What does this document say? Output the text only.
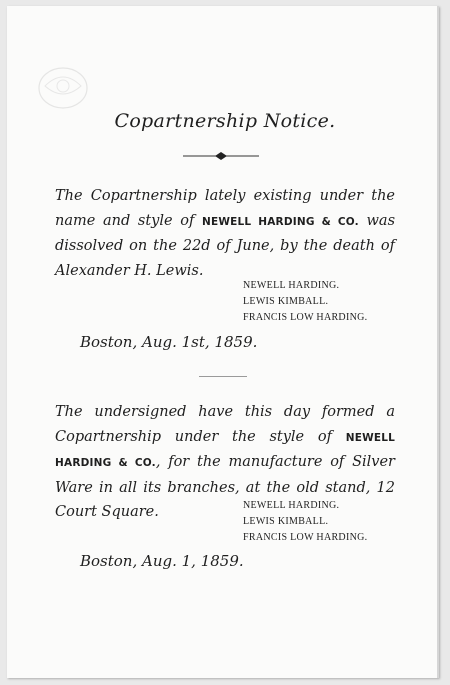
Copartnership Notice.
The Copartnership lately existing under the name and style of NEWELL HARDING & CO. was dissolved on the 22d of June, by the death of Alexander H. Lewis.
NEWELL HARDING.
LEWIS KIMBALL.
FRANCIS LOW HARDING.
Boston, Aug. 1st, 1859.
The undersigned have this day formed a Copartnership under the style of NEWELL HARDING & CO., for the manufacture of Silver Ware in all its branches, at the old stand, 12 Court Square.	NEWELL HARDING.
LEWIS KIMBALL.
FRANCIS LOW HARDING.
Boston, Aug. 1, 1859.
